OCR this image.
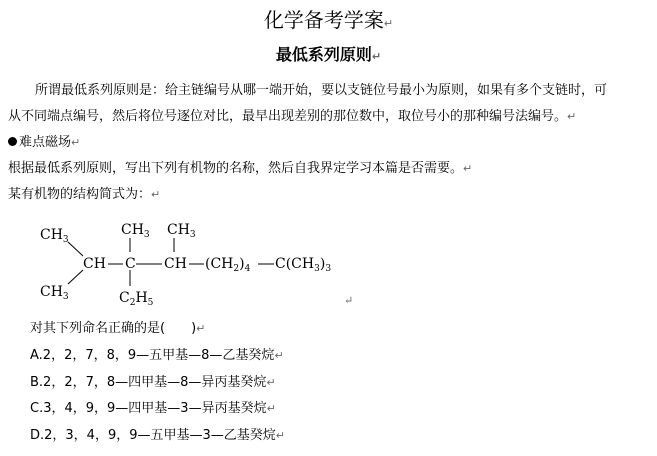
化学备考学案↵
最低系列原则↵
所谓最低系列原则是：给主链编号从哪一端开始，要以支链位号最小为原则，如果有多个支链时，可
从不同端点编号，然后将位号逐位对比，最早出现差别的那位数中，取位号小的那种编号法编号。↵
难点磁场↵
根据最低系列原则，写出下列有机物的名称，然后自我界定学习本篇是否需要。↵
某有机物的结构简式为：↵
$CH_3$
$CH_3$
CH C
$CH_3$
$C_2H_5$
$CH_3$
CH $(CH_2)_4$ $C(CH_3)_3$
↵
对其下列命名正确的是(　　)↵
A.2，2，7，8，9—五甲基—8—乙基癸烷↵
B.2，2，7，8—四甲基—8—异丙基癸烷↵
C.3，4，9，9—四甲基—3—异丙基癸烷↵
D.2，3，4，9，9—五甲基—3—乙基癸烷↵
